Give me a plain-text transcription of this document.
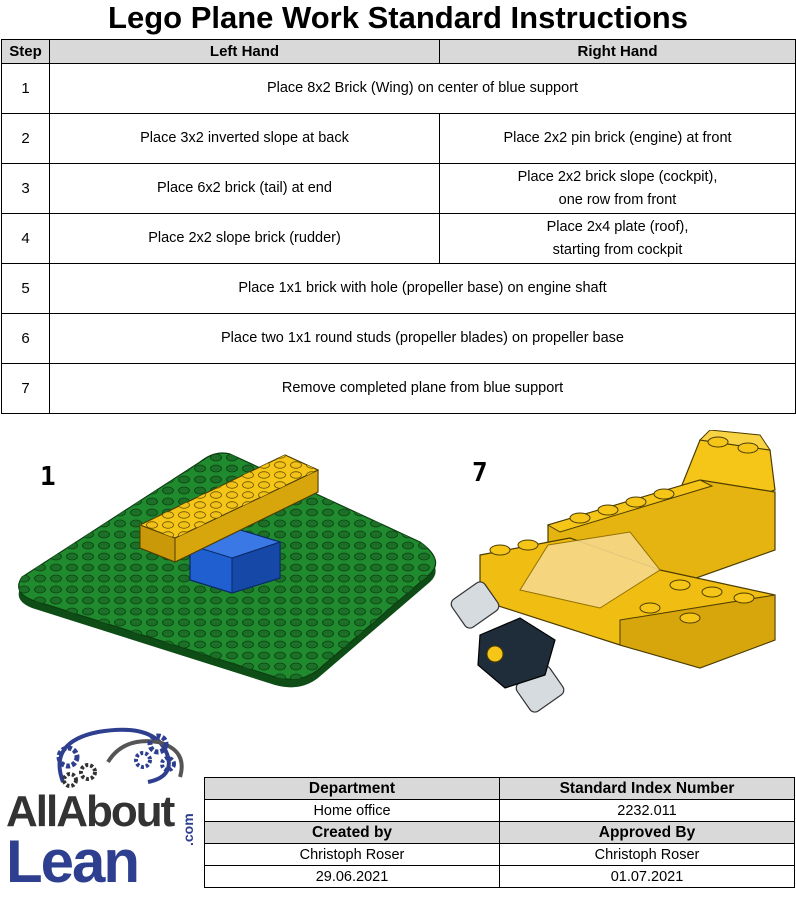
Lego Plane Work Standard Instructions
Step	Left Hand	Right Hand
1	Place 8x2 Brick (Wing) on center of blue support	
2	Place 3x2 inverted slope at back	Place 2x2 pin brick (engine) at front
3	Place 6x2 brick (tail) at end	Place 2x2 brick slope (cockpit),
one row from front

4	Place 2x2 slope brick (rudder)	Place 2x4 plate (roof),
starting from cockpit

5	Place 1x1 brick with hole (propeller base) on engine shaft	
6	Place two 1x1 round studs (propeller blades) on propeller base	
7	Remove completed plane from blue support	
1	7
AllAbout
Lean	.com
Department	Standard Index Number
Home office	2232.011
Created by	Approved By
Christoph Roser	Christoph Roser
29.06.2021	01.07.2021
